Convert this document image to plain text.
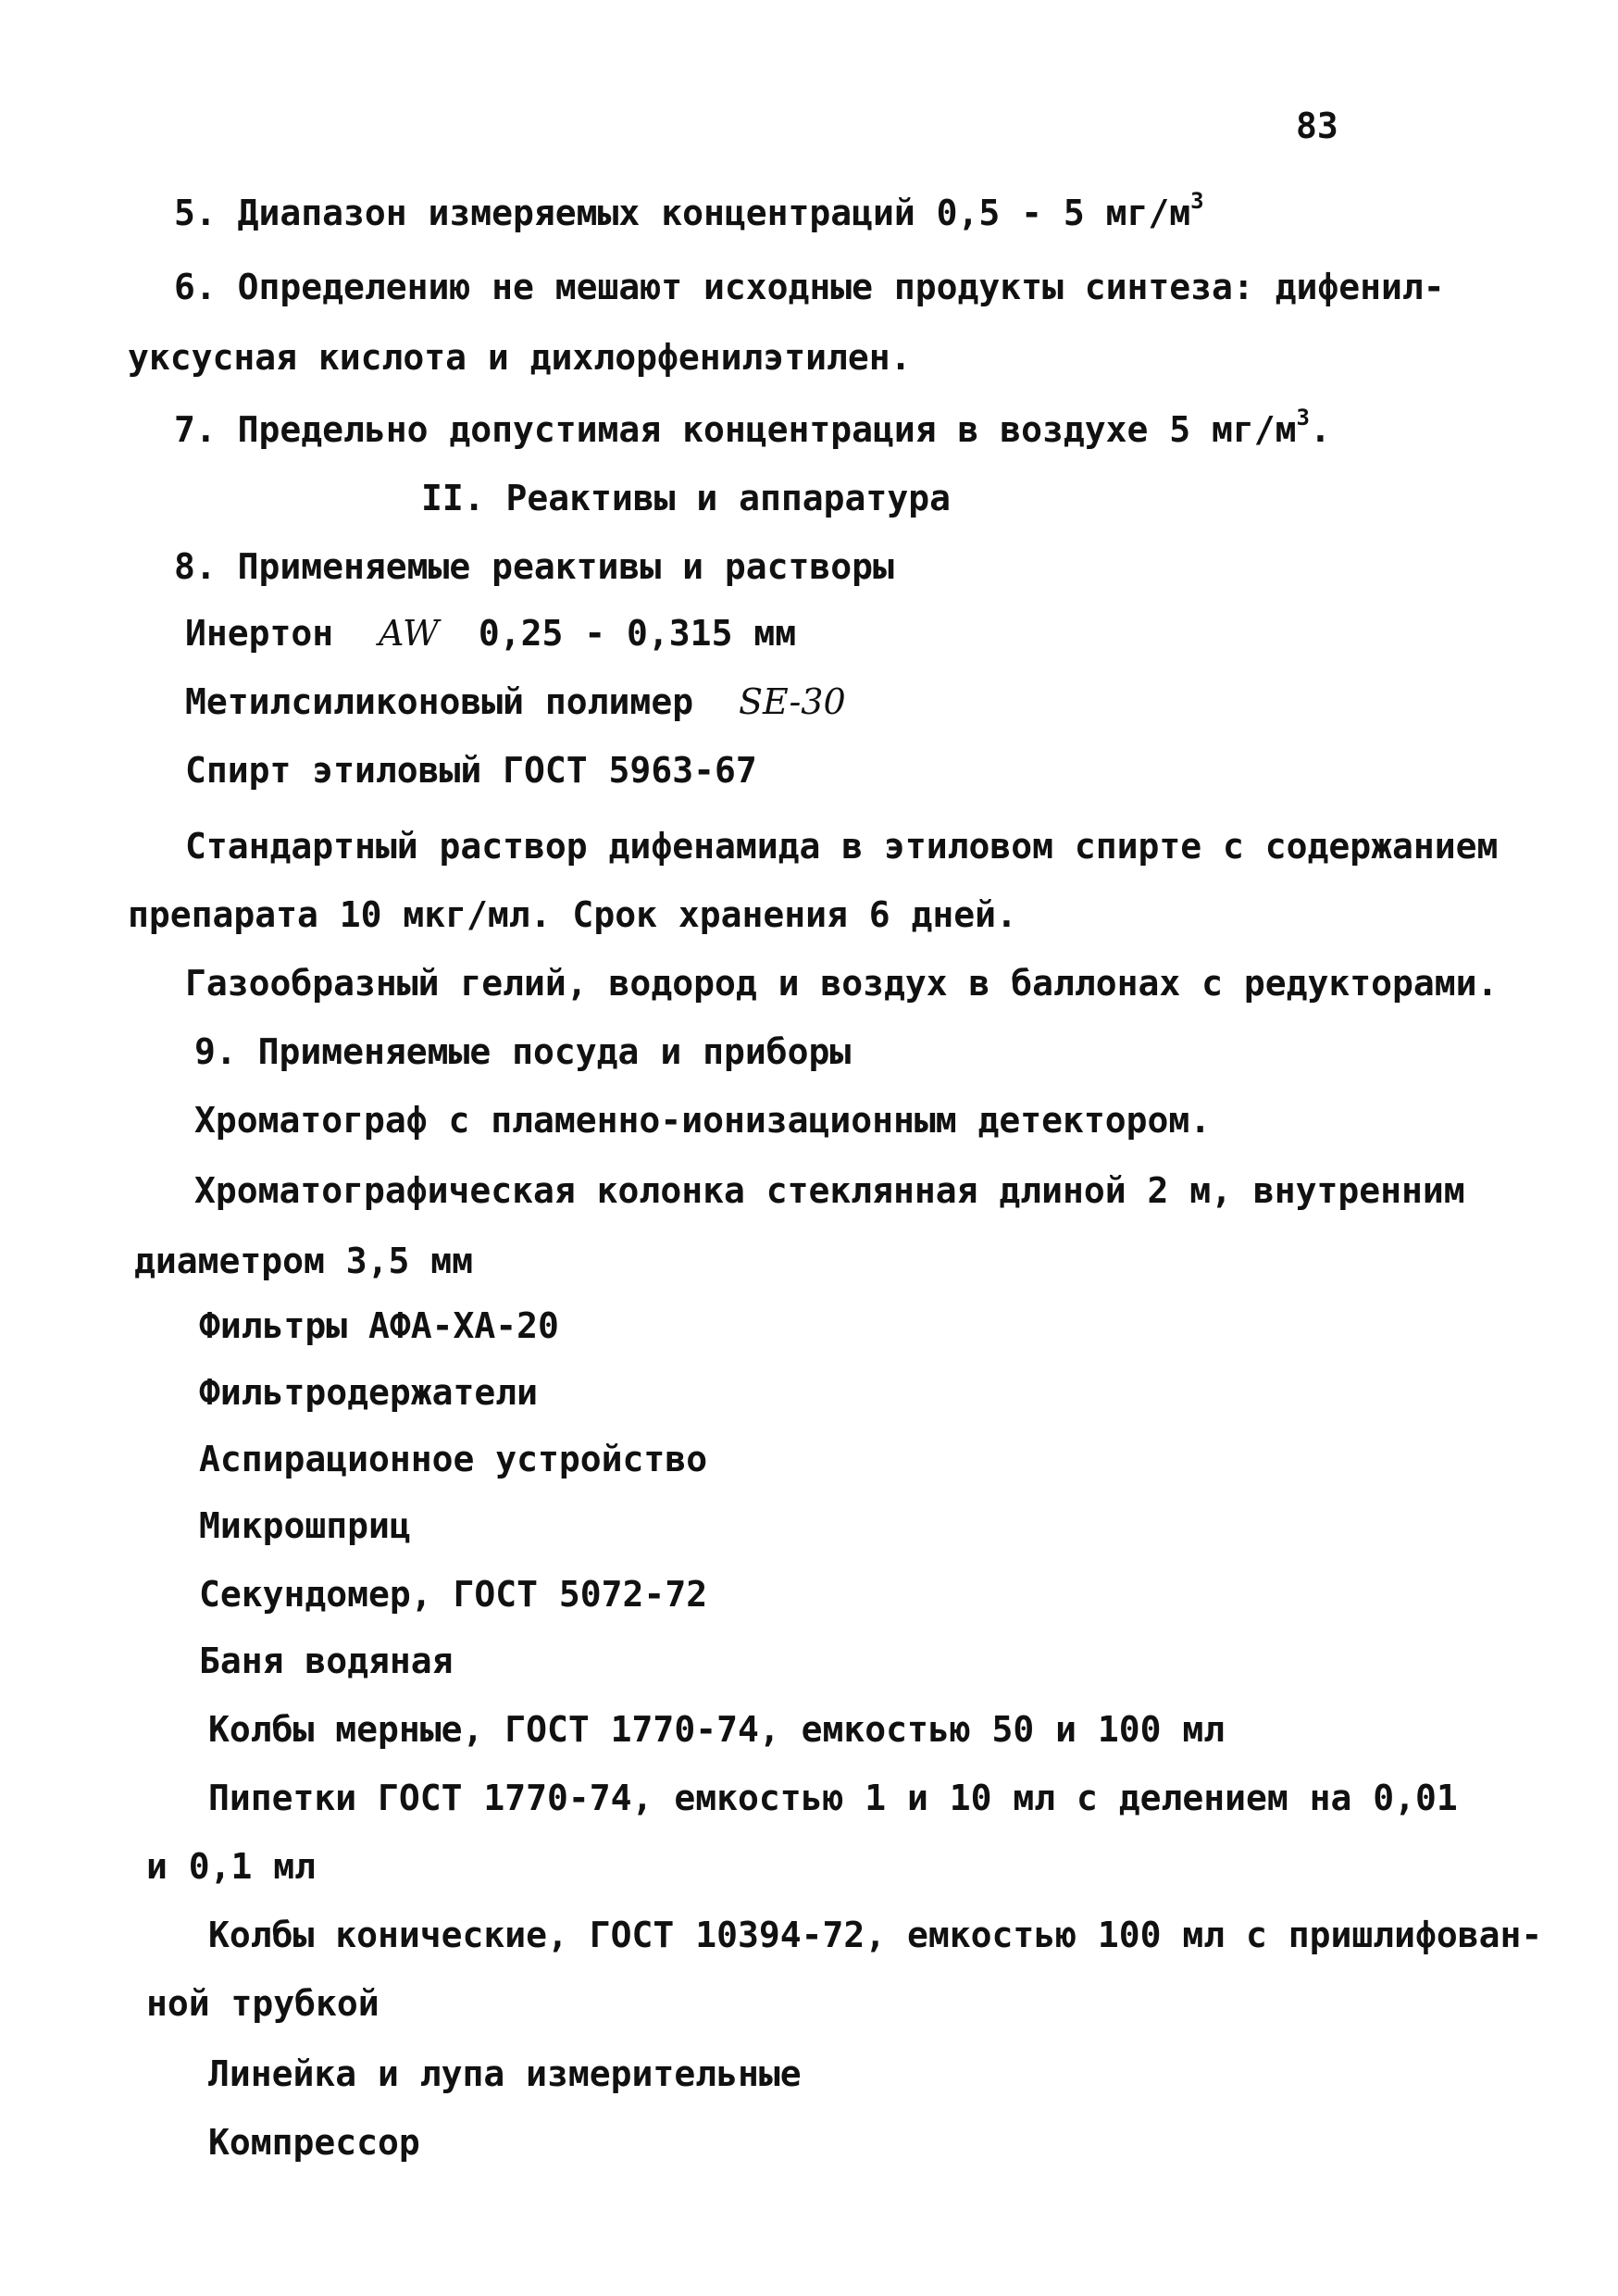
83
5. Диапазон измеряемых концентраций 0,5 - 5 $мг/м^3$
6. Определению не мешают исходные продукты синтеза: дифенил-
уксусная кислота и дихлорфенилэтилен.
7. Предельно допустимая концентрация в воздухе 5 $мг/м^3$.
II. Реактивы и аппаратура
8. Применяемые реактивы и растворы
Инертон AW 0,25 - 0,315 мм
Метилсиликоновый полимер SE-30
Спирт этиловый ГОСТ 5963-67
Стандартный раствор дифенамида в этиловом спирте с содержанием
препарата 10 мкг/мл. Срок хранения 6 дней.
Газообразный гелий, водород и воздух в баллонах с редукторами.
9. Применяемые посуда и приборы
Хроматограф с пламенно-ионизационным детектором.
Хроматографическая колонка стеклянная длиной 2 м, внутренним
диаметром 3,5 мм
Фильтры АФА-ХА-20
Фильтродержатели
Аспирационное устройство
Микрошприц
Секундомер, ГОСТ 5072-72
Баня водяная
Колбы мерные, ГОСТ 1770-74, емкостью 50 и 100 мл
Пипетки ГОСТ 1770-74, емкостью 1 и 10 мл с делением на 0,01
и 0,1 мл
Колбы конические, ГОСТ 10394-72, емкостью 100 мл с пришлифован-
ной трубкой
Линейка и лупа измерительные
Компрессор
